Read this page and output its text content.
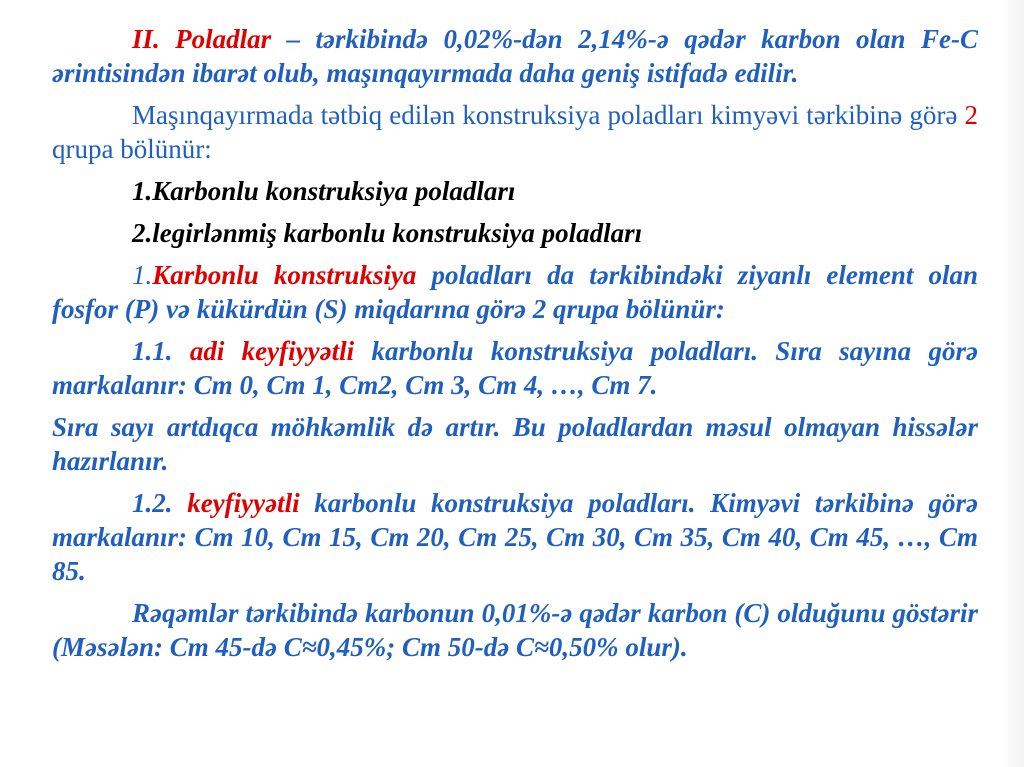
II. Poladlar – tərkibində 0,02%-dən 2,14%-ə qədər karbon olan Fe-C ərintisindən ibarət olub, maşınqayırmada daha geniş istifadə edilir.

Maşınqayırmada tətbiq edilən konstruksiya poladları kimyəvi tərkibinə görə 2 qrupa bölünür:

1.Karbonlu konstruksiya poladları

2.legirlənmiş karbonlu konstruksiya poladları

1.Karbonlu konstruksiya poladları da tərkibindəki ziyanlı element olan fosfor (P) və kükürdün (S) miqdarına görə 2 qrupa bölünür:

1.1. adi keyfiyyətli karbonlu konstruksiya poladları. Sıra sayına görə markalanır: Cm 0, Cm 1, Cm2, Cm 3, Cm 4, …, Cm 7.

Sıra sayı artdıqca möhkəmlik də artır. Bu poladlardan məsul olmayan hissələr hazırlanır.

1.2. keyfiyyətli karbonlu konstruksiya poladları. Kimyəvi tərkibinə görə markalanır: Cm 10, Cm 15, Cm 20, Cm 25, Cm 30, Cm 35, Cm 40, Cm 45, …, Cm 85.

Rəqəmlər tərkibində karbonun 0,01%-ə qədər karbon (C) olduğunu göstərir (Məsələn: Cm 45-də C≈0,45%; Cm 50-də C≈0,50% olur).
